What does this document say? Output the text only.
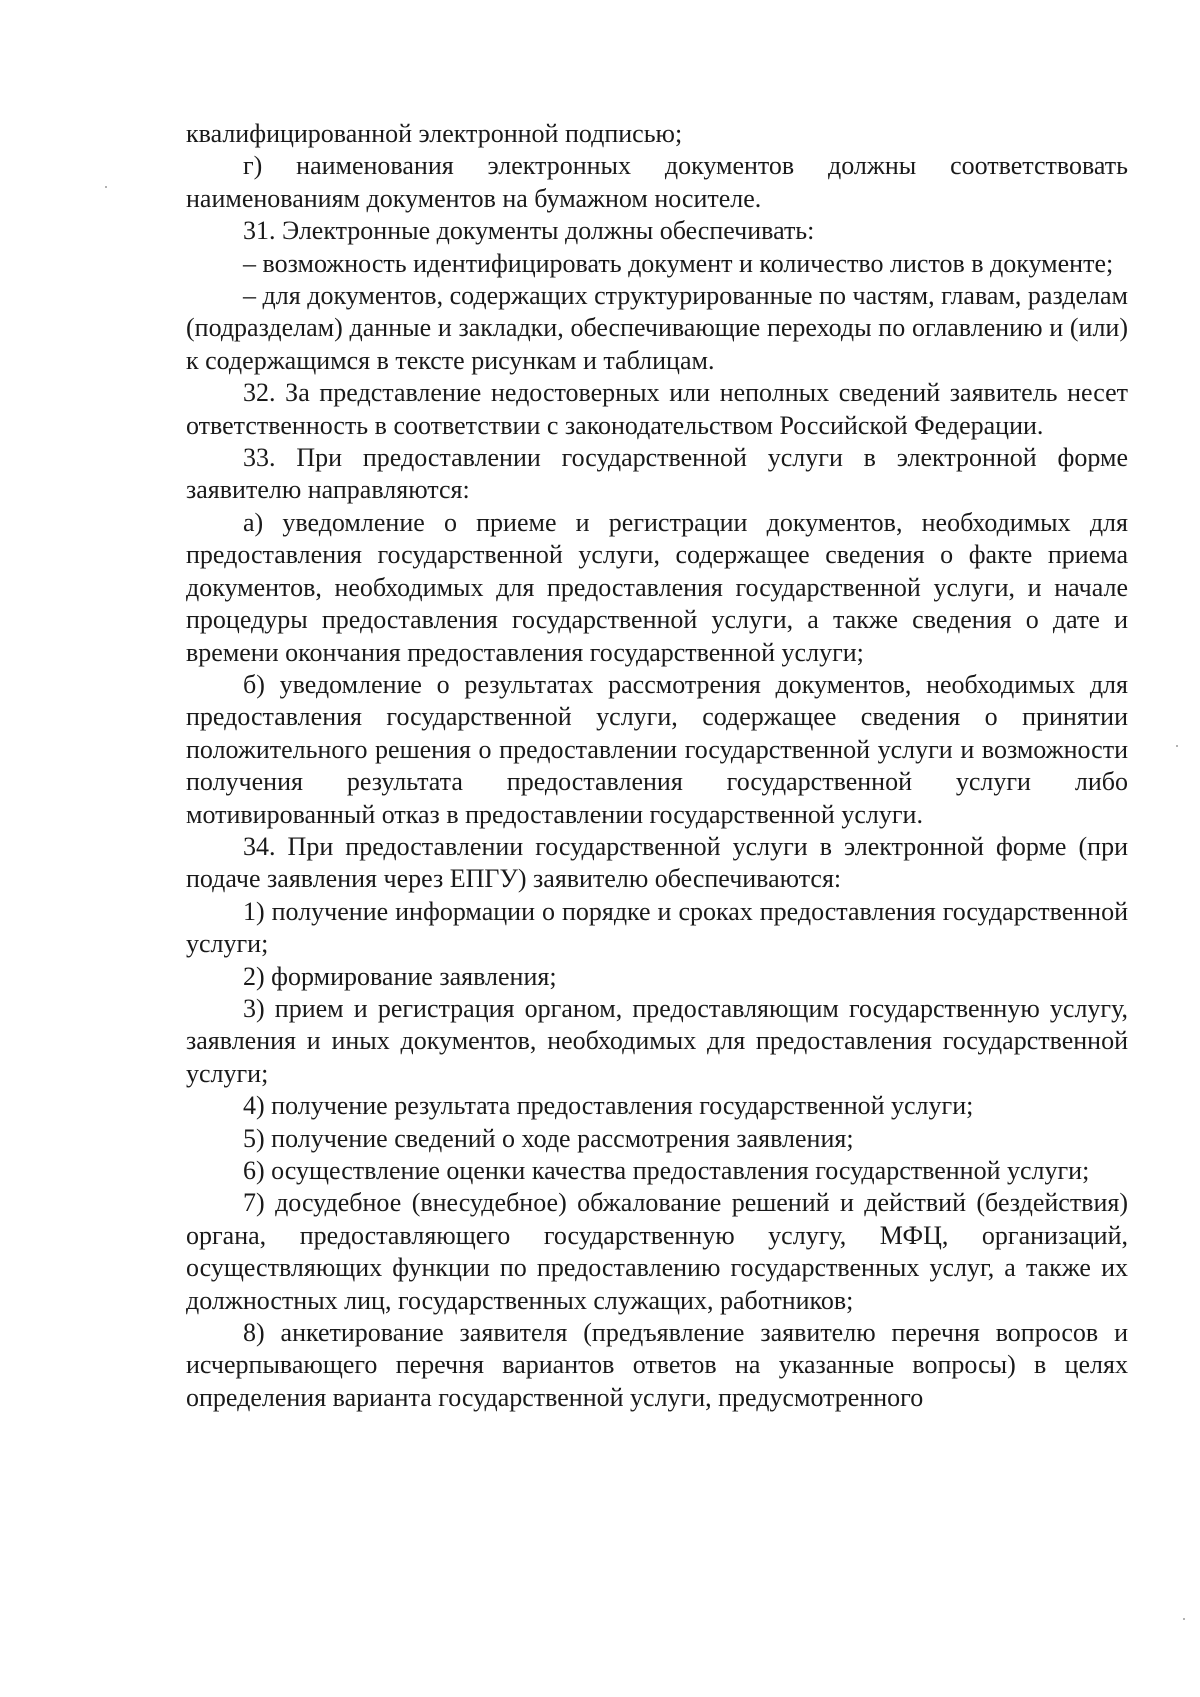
квалифицированной электронной подписью;

г) наименования электронных документов должны соответствовать наименованиям документов на бумажном носителе.

31. Электронные документы должны обеспечивать:

– возможность идентифицировать документ и количество листов в документе;

– для документов, содержащих структурированные по частям, главам, разделам (подразделам) данные и закладки, обеспечивающие переходы по оглавлению и (или) к содержащимся в тексте рисункам и таблицам.

32. За представление недостоверных или неполных сведений заявитель несет ответственность в соответствии с законодательством Российской Федерации.

33. При предоставлении государственной услуги в электронной форме заявителю направляются:

а) уведомление о приеме и регистрации документов, необходимых для предоставления государственной услуги, содержащее сведения о факте приема документов, необходимых для предоставления государственной услуги, и начале процедуры предоставления государственной услуги, а также сведения о дате и времени окончания предоставления государственной услуги;

б) уведомление о результатах рассмотрения документов, необходимых для предоставления государственной услуги, содержащее сведения о принятии положительного решения о предоставлении государственной услуги и возможности получения результата предоставления государственной услуги либо мотивированный отказ в предоставлении государственной услуги.

34. При предоставлении государственной услуги в электронной форме (при подаче заявления через ЕПГУ) заявителю обеспечиваются:

1) получение информации о порядке и сроках предоставления государственной услуги;

2) формирование заявления;

3) прием и регистрация органом, предоставляющим государственную услугу, заявления и иных документов, необходимых для предоставления государственной услуги;

4) получение результата предоставления государственной услуги;

5) получение сведений о ходе рассмотрения заявления;

6) осуществление оценки качества предоставления государственной услуги;

7) досудебное (внесудебное) обжалование решений и действий (бездействия) органа, предоставляющего государственную услугу, МФЦ, организаций, осуществляющих функции по предоставлению государственных услуг, а также их должностных лиц, государственных служащих, работников;

8) анкетирование заявителя (предъявление заявителю перечня вопросов и исчерпывающего перечня вариантов ответов на указанные вопросы) в целях определения варианта государственной услуги, предусмотренного
